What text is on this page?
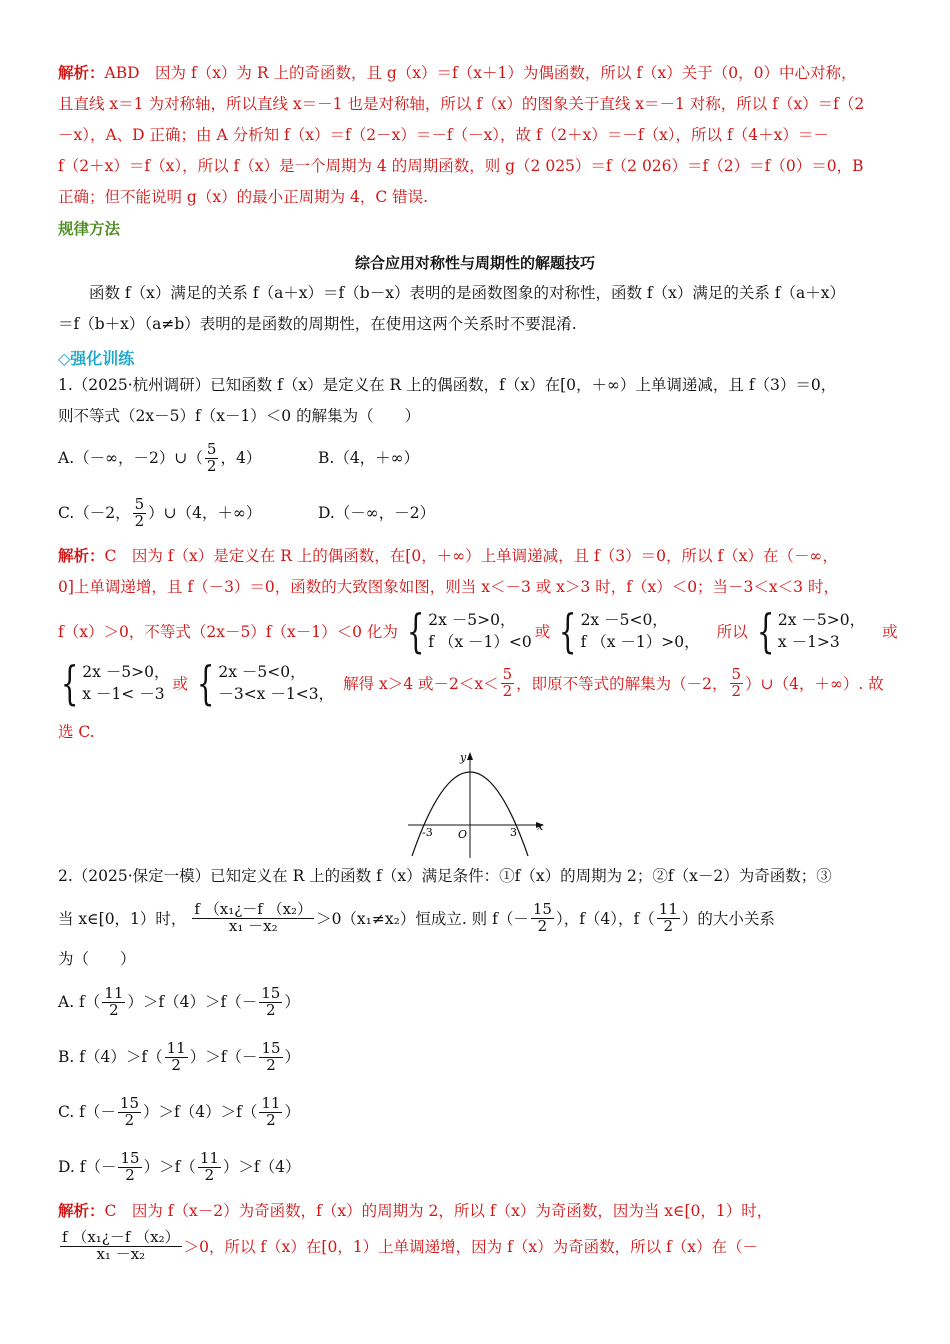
解析：ABD　因为 f（x）为 R 上的奇函数，且 g（x）＝f（x＋1）为偶函数，所以 f（x）关于（0，0）中心对称，
且直线 x＝1 为对称轴，所以直线 x＝－1 也是对称轴，所以 f（x）的图象关于直线 x＝－1 对称，所以 f（x）＝f（2
－x），A、D 正确；由 A 分析知 f（x）＝f（2－x）＝－f（－x），故 f（2＋x）＝－f（x），所以 f（4＋x）＝－
f（2＋x）＝f（x），所以 f（x）是一个周期为 4 的周期函数，则 g（2 025）＝f（2 026）＝f（2）＝f（0）＝0，B
正确；但不能说明 g（x）的最小正周期为 4，C 错误.
规律方法
综合应用对称性与周期性的解题技巧
函数 f（x）满足的关系 f（a＋x）＝f（b－x）表明的是函数图象的对称性，函数 f（x）满足的关系 f（a＋x）
＝f（b＋x）（a≠b）表明的是函数的周期性，在使用这两个关系时不要混淆.
◇强化训练
1.（2025·杭州调研）已知函数 f（x）是定义在 R 上的偶函数，f（x）在[0，＋∞）上单调递减，且 f（3）＝0，
则不等式（2x－5）f（x－1）＜0 的解集为（　　）
A.（－∞，－2）∪（ $\frac{5}{2}$ ，4）	B.（4，＋∞）
C.（－2， $\frac{5}{2}$ ）∪（4，＋∞）	D.（－∞，－2）
解析：C　因为 f（x）是定义在 R 上的偶函数，在[0，＋∞）上单调递减，且 f（3）＝0，所以 f（x）在（－∞，
0]上单调递增，且 f（－3）＝0，函数的大致图象如图，则当 x＜－3 或 x＞3 时，f（x）＜0；当－3＜x＜3 时，
f（x）＞0，不等式（2x－5）f（x－1）＜0 化为 { 2x －5>0，
f （x －1）<0
或 { 2x －5<0，
f （x －1）>0，
所以 { 2x －5>0，
x －1>3
或
{ 2x －5>0，
x －1< －3
或 { 2x －5<0，
－3<x －1<3，
解得 x＞4 或$-2<x< \frac{5}{2}$ ，即原不等式的解集为（－2， $\frac{5}{2}$ ）∪（4，＋∞）. 故
选 C.
y
x
O
-3	3
2.（2025·保定一模）已知定义在 R 上的函数 f（x）满足条件：①f（x）的周期为 2；②f（x－2）为奇函数；③
当 x∈[0，1）时， $\frac{\text{f （x₁¿－f （x₂）}}{\text{x₁ －x₂}} >0(x_1\ne x_2)$恒成立. 则 $f(- \frac{15}{2}$ ），f（4），$f( \frac{11}{2}$ ）的大小关系
为（　　）
A. $f( \frac{11}{2} )>f(4)>f(- \frac{15}{2}$ ）
B. $f(4)>f( \frac{11}{2} )>f(- \frac{15}{2}$ ）
C. $f(- \frac{15}{2} )>f(4)>f( \frac{11}{2}$ ）
D. $f(- \frac{15}{2} )>f( \frac{11}{2} )>f(4)$
解析：C　因为 f（x－2）为奇函数，f（x）的周期为 2，所以 f（x）为奇函数，因为当 x∈[0，1）时，
$\frac{\text{f （x₁¿－f （x₂）}}{\text{x₁ －x₂}} >0$，所以 f（x）在[0，1）上单调递增，因为 f（x）为奇函数，所以 f（x）在（－
